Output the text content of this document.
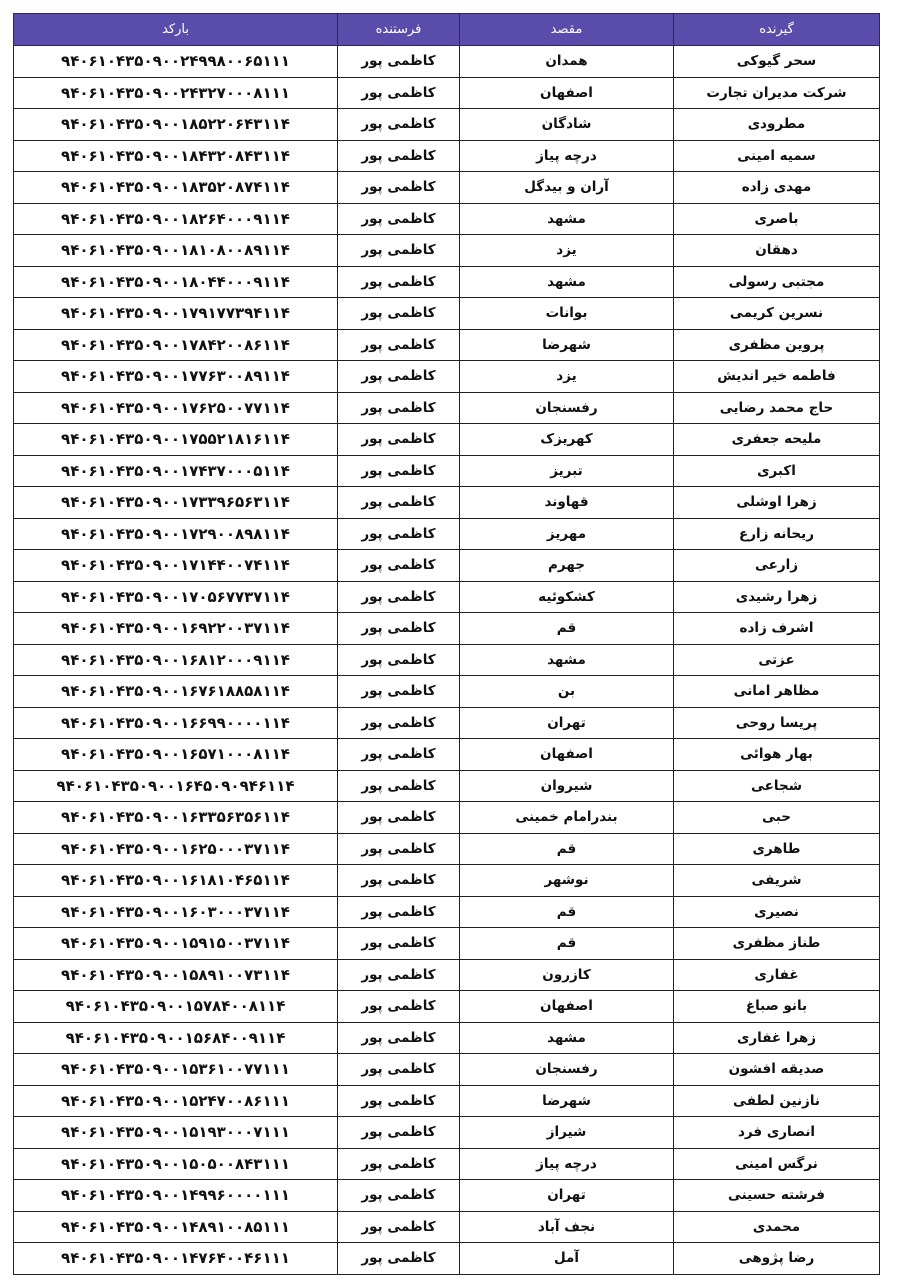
گیرنده	مقصد	فرستنده	بارکد
سحر گیوکی	همدان	کاظمی پور	۹۴۰۶۱۰۴۳۵۰۹۰۰۲۴۹۹۸۰۰۶۵۱۱۱
شرکت مدیران تجارت	اصفهان	کاظمی پور	۹۴۰۶۱۰۴۳۵۰۹۰۰۲۴۳۲۷۰۰۰۸۱۱۱
مطرودی	شادگان	کاظمی پور	۹۴۰۶۱۰۴۳۵۰۹۰۰۱۸۵۲۲۰۶۴۳۱۱۴
سمیه امینی	درچه پیاز	کاظمی پور	۹۴۰۶۱۰۴۳۵۰۹۰۰۱۸۴۳۲۰۸۴۳۱۱۴
مهدی زاده	آران و بیدگل	کاظمی پور	۹۴۰۶۱۰۴۳۵۰۹۰۰۱۸۳۵۲۰۸۷۴۱۱۴
باصری	مشهد	کاظمی پور	۹۴۰۶۱۰۴۳۵۰۹۰۰۱۸۲۶۴۰۰۰۹۱۱۴
دهقان	یزد	کاظمی پور	۹۴۰۶۱۰۴۳۵۰۹۰۰۱۸۱۰۸۰۰۸۹۱۱۴
مجتبی رسولی	مشهد	کاظمی پور	۹۴۰۶۱۰۴۳۵۰۹۰۰۱۸۰۴۴۰۰۰۹۱۱۴
نسرین کریمی	بوانات	کاظمی پور	۹۴۰۶۱۰۴۳۵۰۹۰۰۱۷۹۱۷۷۳۹۴۱۱۴
پروین مظفری	شهرضا	کاظمی پور	۹۴۰۶۱۰۴۳۵۰۹۰۰۱۷۸۴۲۰۰۸۶۱۱۴
فاطمه خیر اندیش	یزد	کاظمی پور	۹۴۰۶۱۰۴۳۵۰۹۰۰۱۷۷۶۳۰۰۸۹۱۱۴
حاج محمد رضایی	رفسنجان	کاظمی پور	۹۴۰۶۱۰۴۳۵۰۹۰۰۱۷۶۲۵۰۰۷۷۱۱۴
ملیحه جعفری	کهریزک	کاظمی پور	۹۴۰۶۱۰۴۳۵۰۹۰۰۱۷۵۵۲۱۸۱۶۱۱۴
اکبری	تبریز	کاظمی پور	۹۴۰۶۱۰۴۳۵۰۹۰۰۱۷۴۳۷۰۰۰۵۱۱۴
زهرا اوشلی	قهاوند	کاظمی پور	۹۴۰۶۱۰۴۳۵۰۹۰۰۱۷۳۳۹۶۵۶۳۱۱۴
ریحانه زارع	مهریز	کاظمی پور	۹۴۰۶۱۰۴۳۵۰۹۰۰۱۷۲۹۰۰۸۹۸۱۱۴
زارعی	جهرم	کاظمی پور	۹۴۰۶۱۰۴۳۵۰۹۰۰۱۷۱۴۴۰۰۷۴۱۱۴
زهرا رشیدی	کشکوئیه	کاظمی پور	۹۴۰۶۱۰۴۳۵۰۹۰۰۱۷۰۵۶۷۷۳۷۱۱۴
اشرف زاده	قم	کاظمی پور	۹۴۰۶۱۰۴۳۵۰۹۰۰۱۶۹۲۲۰۰۳۷۱۱۴
عزتی	مشهد	کاظمی پور	۹۴۰۶۱۰۴۳۵۰۹۰۰۱۶۸۱۲۰۰۰۹۱۱۴
مظاهر امانی	بن	کاظمی پور	۹۴۰۶۱۰۴۳۵۰۹۰۰۱۶۷۶۱۸۸۵۸۱۱۴
پریسا روحی	تهران	کاظمی پور	۹۴۰۶۱۰۴۳۵۰۹۰۰۱۶۶۹۹۰۰۰۰۱۱۴
بهار هوائی	اصفهان	کاظمی پور	۹۴۰۶۱۰۴۳۵۰۹۰۰۱۶۵۷۱۰۰۰۸۱۱۴
شجاعی	شیروان	کاظمی پور	۹۴۰۶۱۰۴۳۵۰۹۰۰۱۶۴۵۰۹۰۹۴۶۱۱۴
حبی	بندرامام خمینی	کاظمی پور	۹۴۰۶۱۰۴۳۵۰۹۰۰۱۶۳۳۵۶۳۵۶۱۱۴
طاهری	قم	کاظمی پور	۹۴۰۶۱۰۴۳۵۰۹۰۰۱۶۲۵۰۰۰۳۷۱۱۴
شریفی	نوشهر	کاظمی پور	۹۴۰۶۱۰۴۳۵۰۹۰۰۱۶۱۸۱۰۴۶۵۱۱۴
نصیری	قم	کاظمی پور	۹۴۰۶۱۰۴۳۵۰۹۰۰۱۶۰۳۰۰۰۳۷۱۱۴
طناز مظفری	قم	کاظمی پور	۹۴۰۶۱۰۴۳۵۰۹۰۰۱۵۹۱۵۰۰۳۷۱۱۴
غفاری	کازرون	کاظمی پور	۹۴۰۶۱۰۴۳۵۰۹۰۰۱۵۸۹۱۰۰۷۳۱۱۴
بانو صباغ	اصفهان	کاظمی پور	۹۴۰۶۱۰۴۳۵۰۹۰۰۱۵۷۸۴۰۰۸۱۱۴
زهرا غفاری	مشهد	کاظمی پور	۹۴۰۶۱۰۴۳۵۰۹۰۰۱۵۶۸۴۰۰۹۱۱۴
صدیقه افشون	رفسنجان	کاظمی پور	۹۴۰۶۱۰۴۳۵۰۹۰۰۱۵۳۶۱۰۰۷۷۱۱۱
نازنین لطفی	شهرضا	کاظمی پور	۹۴۰۶۱۰۴۳۵۰۹۰۰۱۵۲۴۷۰۰۸۶۱۱۱
انصاری فرد	شیراز	کاظمی پور	۹۴۰۶۱۰۴۳۵۰۹۰۰۱۵۱۹۳۰۰۰۷۱۱۱
نرگس امینی	درچه پیاز	کاظمی پور	۹۴۰۶۱۰۴۳۵۰۹۰۰۱۵۰۵۰۰۸۴۳۱۱۱
فرشته حسینی	تهران	کاظمی پور	۹۴۰۶۱۰۴۳۵۰۹۰۰۱۴۹۹۶۰۰۰۰۱۱۱
محمدی	نجف آباد	کاظمی پور	۹۴۰۶۱۰۴۳۵۰۹۰۰۱۴۸۹۱۰۰۸۵۱۱۱
رضا پژوهی	آمل	کاظمی پور	۹۴۰۶۱۰۴۳۵۰۹۰۰۱۴۷۶۴۰۰۴۶۱۱۱
